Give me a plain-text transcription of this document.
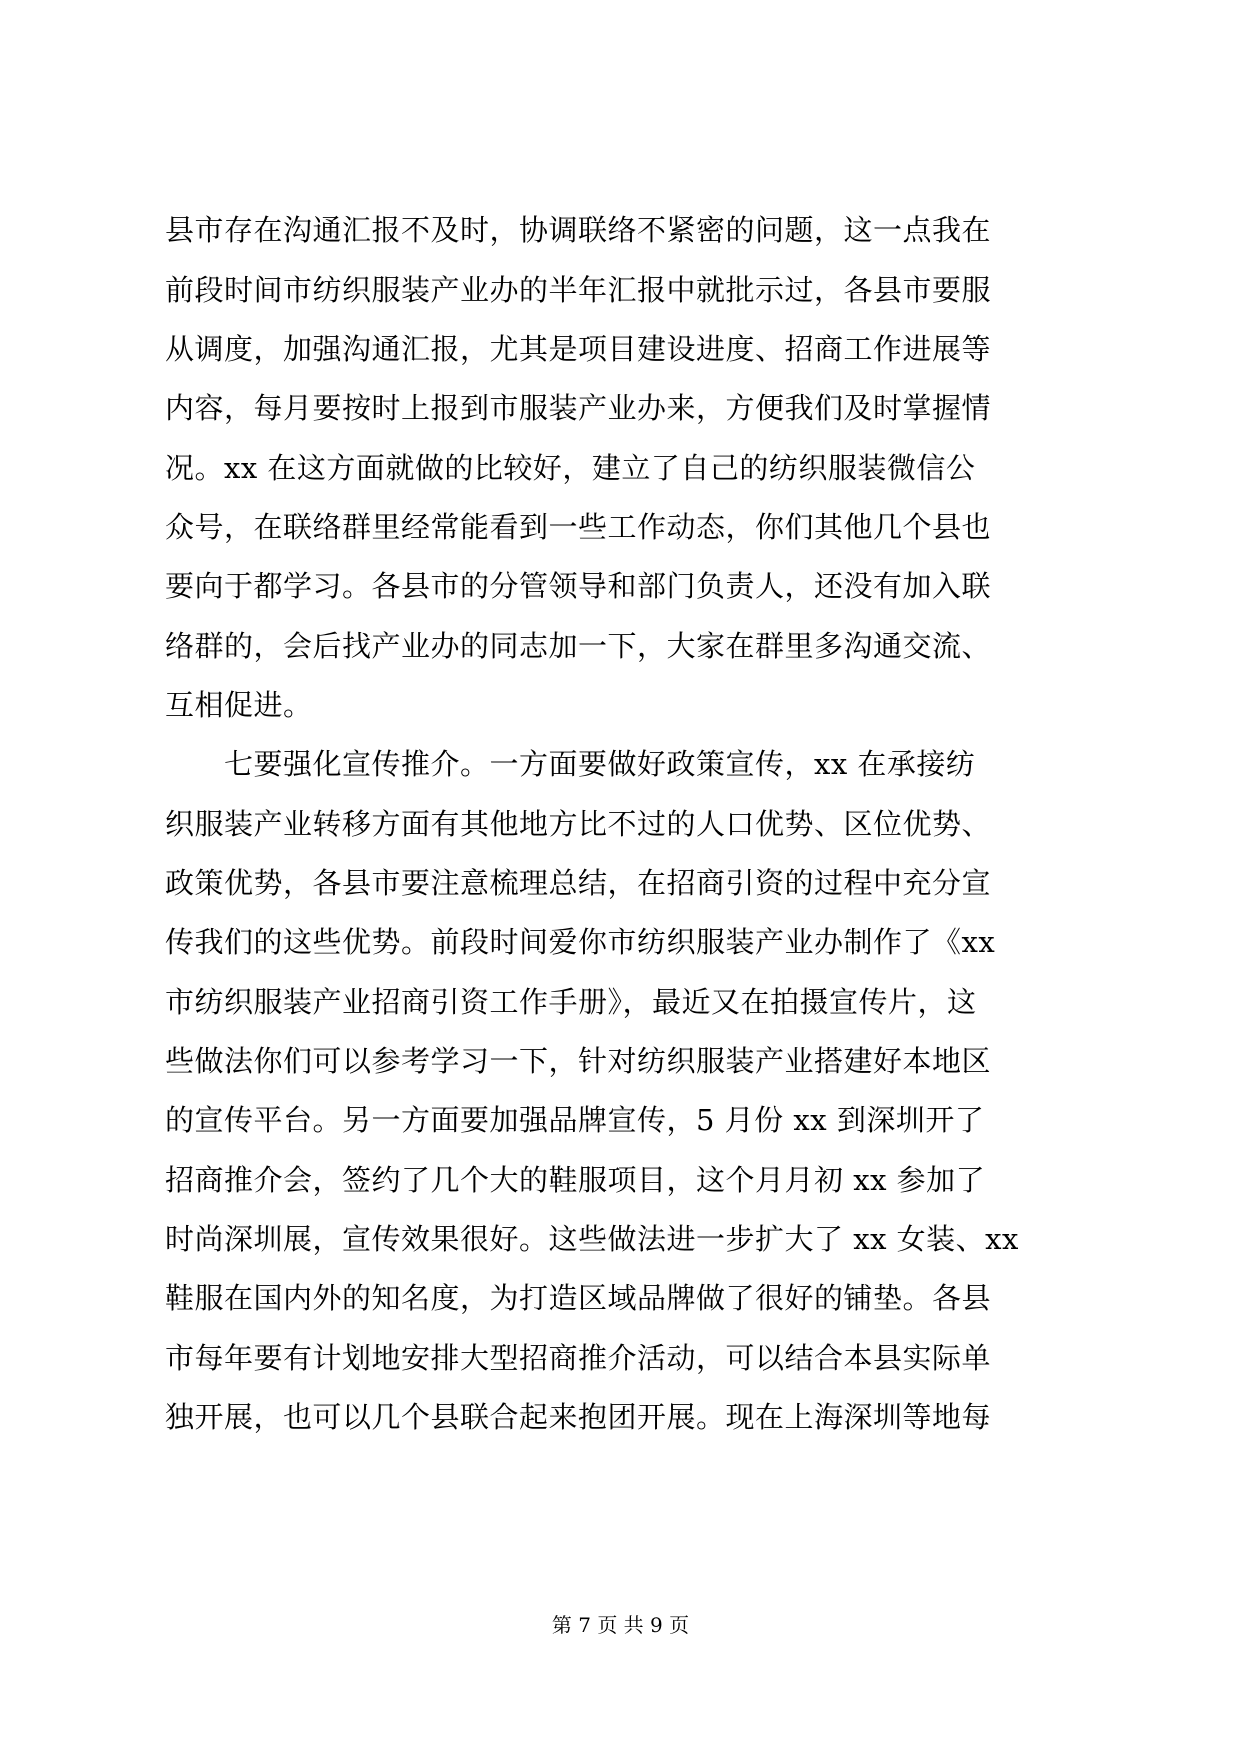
县市存在沟通汇报不及时，协调联络不紧密的问题，这一点我在
前段时间市纺织服装产业办的半年汇报中就批示过，各县市要服
从调度，加强沟通汇报，尤其是项目建设进度、招商工作进展等
内容，每月要按时上报到市服装产业办来，方便我们及时掌握情
况。xx 在这方面就做的比较好，建立了自己的纺织服装微信公
众号，在联络群里经常能看到一些工作动态，你们其他几个县也
要向于都学习。各县市的分管领导和部门负责人，还没有加入联
络群的，会后找产业办的同志加一下，大家在群里多沟通交流、
互相促进。
七要强化宣传推介。一方面要做好政策宣传，xx 在承接纺
织服装产业转移方面有其他地方比不过的人口优势、区位优势、
政策优势，各县市要注意梳理总结，在招商引资的过程中充分宣
传我们的这些优势。前段时间爱你市纺织服装产业办制作了《xx
市纺织服装产业招商引资工作手册》，最近又在拍摄宣传片，这
些做法你们可以参考学习一下，针对纺织服装产业搭建好本地区
的宣传平台。另一方面要加强品牌宣传，5 月份 xx 到深圳开了
招商推介会，签约了几个大的鞋服项目，这个月月初 xx 参加了
时尚深圳展，宣传效果很好。这些做法进一步扩大了 xx 女装、xx
鞋服在国内外的知名度，为打造区域品牌做了很好的铺垫。各县
市每年要有计划地安排大型招商推介活动，可以结合本县实际单
独开展，也可以几个县联合起来抱团开展。现在上海深圳等地每
第 7 页 共 9 页
